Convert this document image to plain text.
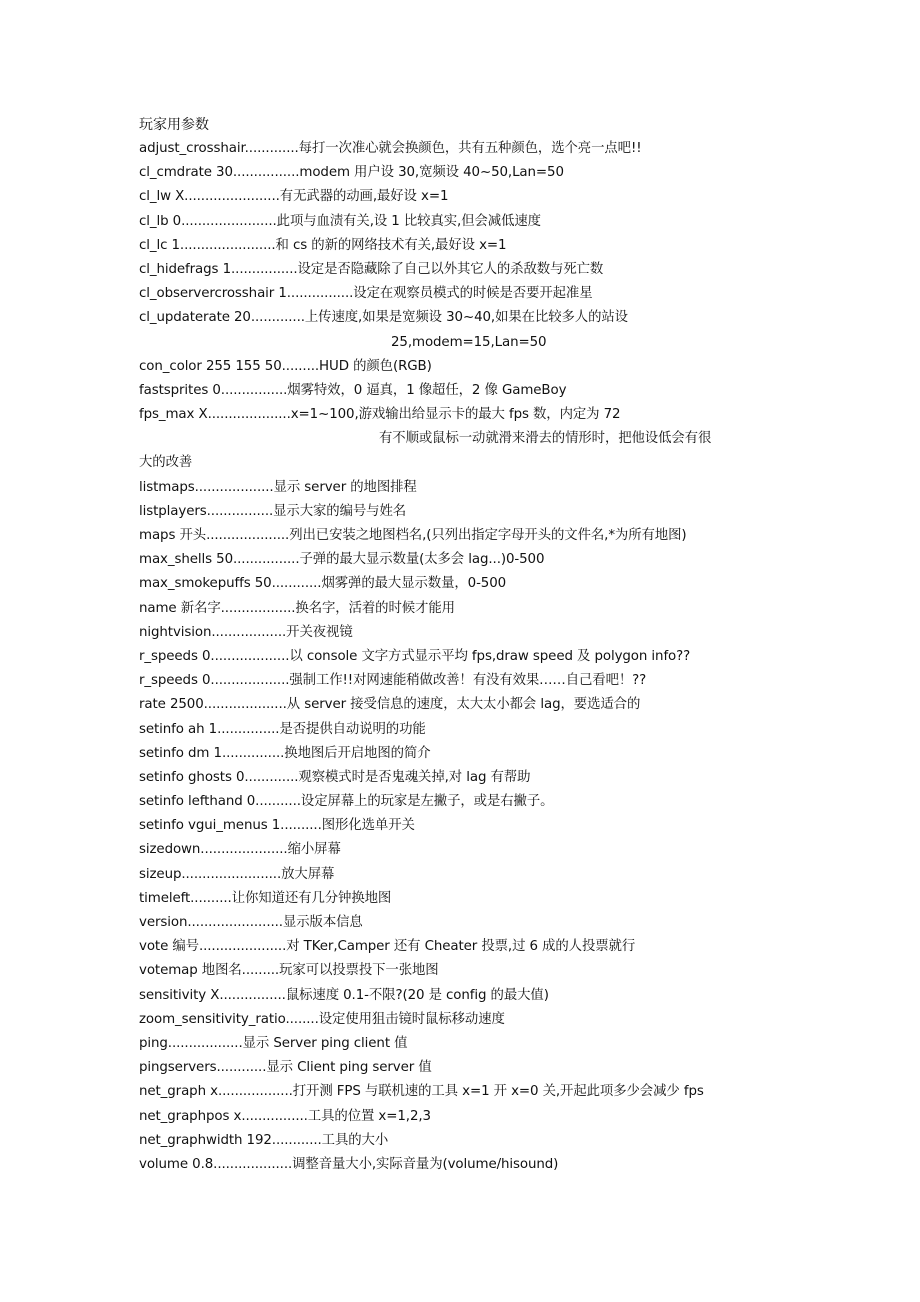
玩家用参数
adjust_crosshair.............每打一次准心就会换颜色，共有五种颜色，选个亮一点吧!!
cl_cmdrate 30................modem 用户设 30,宽频设 40~50,Lan=50
cl_lw X.......................有无武器的动画,最好设 x=1
cl_lb 0.......................此项与血渍有关,设 1 比较真实,但会减低速度
cl_lc 1.......................和 cs 的新的网络技术有关,最好设 x=1
cl_hidefrags 1................设定是否隐藏除了自己以外其它人的杀敌数与死亡数
cl_observercrosshair 1................设定在观察员模式的时候是否要开起准星
cl_updaterate 20.............上传速度,如果是宽频设 30~40,如果在比较多人的站设
25,modem=15,Lan=50
con_color 255 155 50.........HUD 的颜色(RGB)
fastsprites 0................烟雾特效，0 逼真，1 像超任，2 像 GameBoy
fps_max X....................x=1~100,游戏输出给显示卡的最大 fps 数，内定为 72
有不顺或鼠标一动就滑来滑去的情形时，把他设低会有很
大的改善
listmaps...................显示 server 的地图排程
listplayers................显示大家的编号与姓名
maps 开头....................列出已安装之地图档名,(只列出指定字母开头的文件名,*为所有地图)
max_shells 50................子弹的最大显示数量(太多会 lag...)0-500
max_smokepuffs 50............烟雾弹的最大显示数量，0-500
name 新名字..................换名字，活着的时候才能用
nightvision..................开关夜视镜
r_speeds 0...................以 console 文字方式显示平均 fps,draw speed 及 polygon info??
r_speeds 0...................强制工作!!对网速能稍做改善！有没有效果……自己看吧！??
rate 2500....................从 server 接受信息的速度，太大太小都会 lag，要选适合的
setinfo ah 1...............是否提供自动说明的功能
setinfo dm 1...............换地图后开启地图的简介
setinfo ghosts 0.............观察模式时是否鬼魂关掉,对 lag 有帮助
setinfo lefthand 0...........设定屏幕上的玩家是左撇子，或是右撇子。
setinfo vgui_menus 1..........图形化选单开关
sizedown.....................缩小屏幕
sizeup........................放大屏幕
timeleft..........让你知道还有几分钟换地图
version.......................显示版本信息
vote 编号.....................对 TKer,Camper 还有 Cheater 投票,过 6 成的人投票就行
votemap 地图名.........玩家可以投票投下一张地图
sensitivity X................鼠标速度 0.1-不限?(20 是 config 的最大值)
zoom_sensitivity_ratio........设定使用狙击镜时鼠标移动速度
ping..................显示 Server ping client 值
pingservers............显示 Client ping server 值
net_graph x..................打开测 FPS 与联机速的工具 x=1 开 x=0 关,开起此项多少会减少 fps
net_graphpos x................工具的位置 x=1,2,3
net_graphwidth 192............工具的大小
volume 0.8...................调整音量大小,实际音量为(volume/hisound)
